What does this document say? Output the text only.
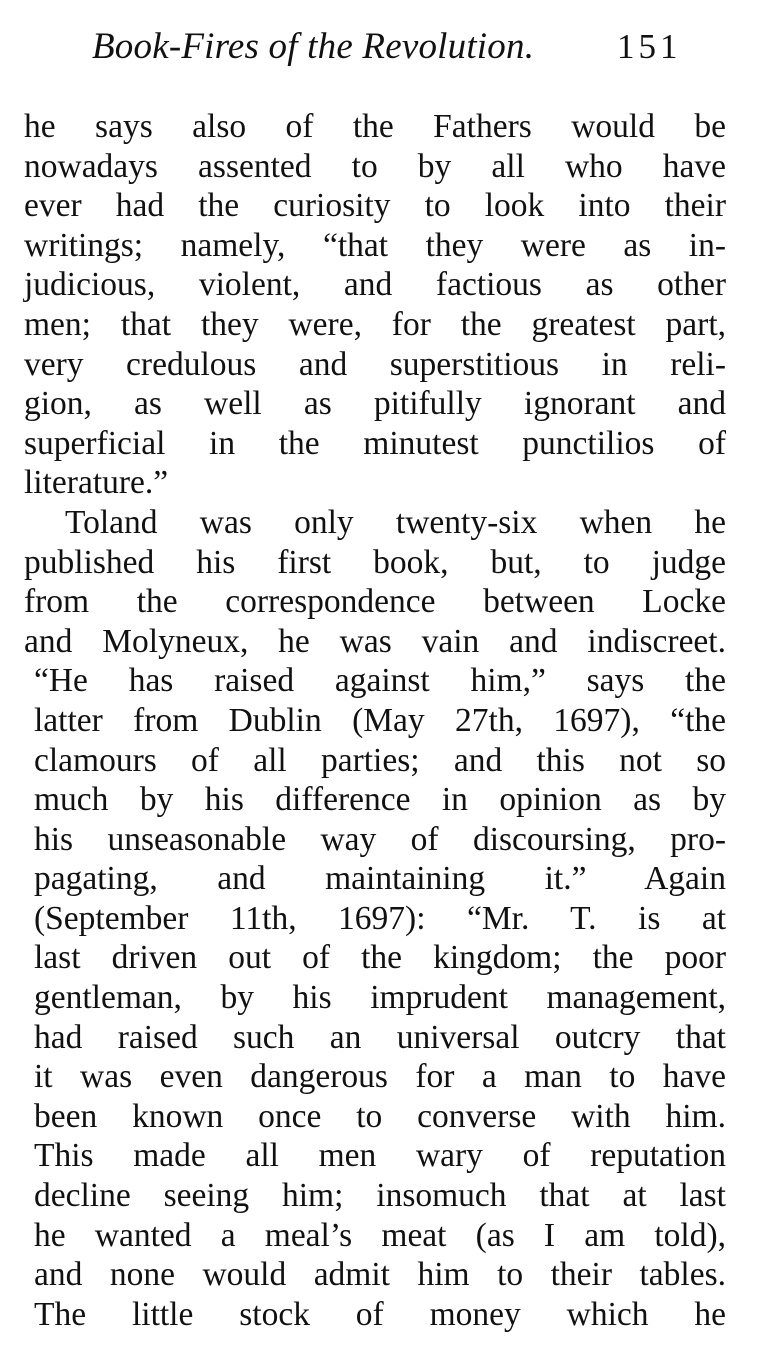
Book-Fires of the Revolution. 151
he says also of the Fathers would be
nowadays assented to by all who have
ever had the curiosity to look into their
writings; namely, “that they were as in-
judicious, violent, and factious as other
men; that they were, for the greatest part,
very credulous and superstitious in reli-
gion, as well as pitifully ignorant and
superficial in the minutest punctilios of
literature.”
Toland was only twenty-six when he
published his first book, but, to judge
from the correspondence between Locke
and Molyneux, he was vain and indiscreet.
“He has raised against him,” says the
latter from Dublin (May 27th, 1697), “the
clamours of all parties; and this not so
much by his difference in opinion as by
his unseasonable way of discoursing, pro-
pagating, and maintaining it.” Again
(September 11th, 1697): “Mr. T. is at
last driven out of the kingdom; the poor
gentleman, by his imprudent management,
had raised such an universal outcry that
it was even dangerous for a man to have
been known once to converse with him.
This made all men wary of reputation
decline seeing him; insomuch that at last
he wanted a meal’s meat (as I am told),
and none would admit him to their tables.
The little stock of money which he
